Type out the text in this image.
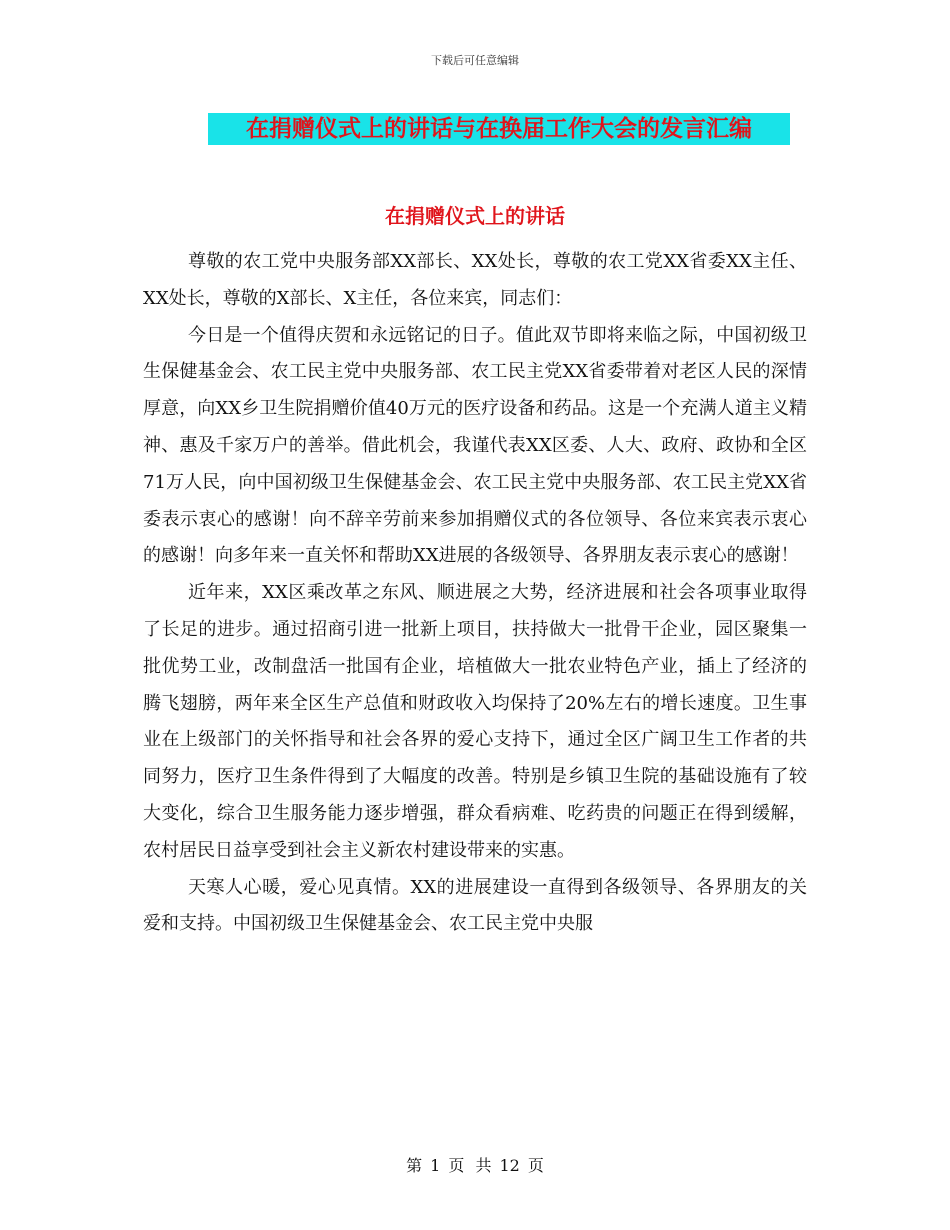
下载后可任意编辑
在捐赠仪式上的讲话与在换届工作大会的发言汇编
在捐赠仪式上的讲话

尊敬的农工党中央服务部XX部长、XX处长，尊敬的农工党XX省委XX主任、XX处长，尊敬的X部长、X主任，各位来宾，同志们：

今日是一个值得庆贺和永远铭记的日子。值此双节即将来临之际，中国初级卫生保健基金会、农工民主党中央服务部、农工民主党XX省委带着对老区人民的深情厚意，向XX乡卫生院捐赠价值40万元的医疗设备和药品。这是一个充满人道主义精神、惠及千家万户的善举。借此机会，我谨代表XX区委、人大、政府、政协和全区71万人民，向中国初级卫生保健基金会、农工民主党中央服务部、农工民主党XX省委表示衷心的感谢！向不辞辛劳前来参加捐赠仪式的各位领导、各位来宾表示衷心的感谢！向多年来一直关怀和帮助XX进展的各级领导、各界朋友表示衷心的感谢！

近年来，XX区乘改革之东风、顺进展之大势，经济进展和社会各项事业取得了长足的进步。通过招商引进一批新上项目，扶持做大一批骨干企业，园区聚集一批优势工业，改制盘活一批国有企业，培植做大一批农业特色产业，插上了经济的腾飞翅膀，两年来全区生产总值和财政收入均保持了20%左右的增长速度。卫生事业在上级部门的关怀指导和社会各界的爱心支持下，通过全区广阔卫生工作者的共同努力，医疗卫生条件得到了大幅度的改善。特别是乡镇卫生院的基础设施有了较大变化，综合卫生服务能力逐步增强，群众看病难、吃药贵的问题正在得到缓解，农村居民日益享受到社会主义新农村建设带来的实惠。

天寒人心暖，爱心见真情。XX的进展建设一直得到各级领导、各界朋友的关爱和支持。中国初级卫生保健基金会、农工民主党中央服

第 1 页 共 12 页
